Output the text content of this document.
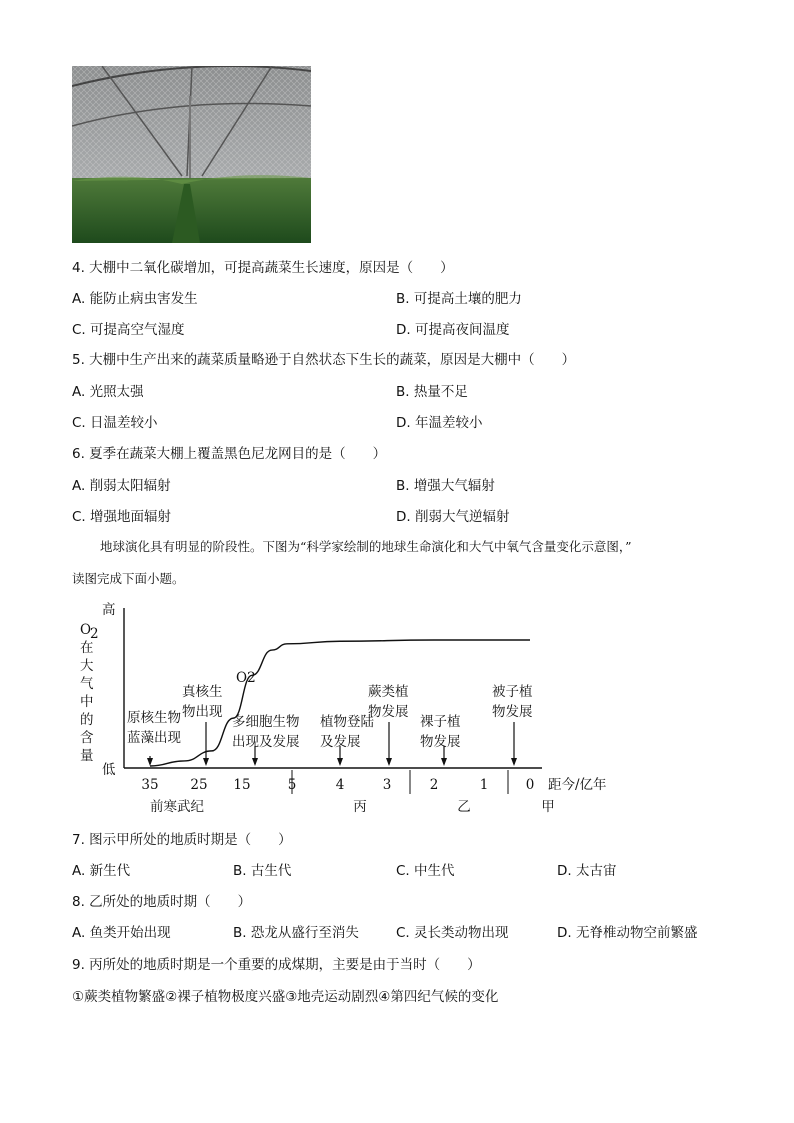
4. 大棚中二氧化碳增加，可提高蔬菜生长速度，原因是（　　）
A. 能防止病虫害发生	B. 可提高土壤的肥力
C. 可提高空气湿度	D. 可提高夜间温度
5. 大棚中生产出来的蔬菜质量略逊于自然状态下生长的蔬菜，原因是大棚中（　　）
A. 光照太强	B. 热量不足
C. 日温差较小	D. 年温差较小
6. 夏季在蔬菜大棚上覆盖黑色尼龙网目的是（　　）
A. 削弱太阳辐射	B. 增强大气辐射
C. 增强地面辐射	D. 削弱大气逆辐射
地球演化具有明显的阶段性。下图为“科学家绘制的地球生命演化和大气中氧气含量变化示意图，”
读图完成下面小题。
高
低
距今/亿年
O2
O
在
大
气
中
的
含
量
2
35 25 15	5	4	3	2	1	0
原核生物
蓝藻出现
真核生
物出现
多细胞生物
出现及发展
植物登陆
及发展
蕨类植
物发展
裸子植
物发展
被子植
物发展
前寒武纪	丙	乙	甲
7. 图示甲所处的地质时期是（　　）
A. 新生代	B. 古生代	C. 中生代	D. 太古宙
8. 乙所处的地质时期（　　）
A. 鱼类开始出现	B. 恐龙从盛行至消失	C. 灵长类动物出现	D. 无脊椎动物空前繁盛
9. 丙所处的地质时期是一个重要的成煤期，主要是由于当时（　　）
①蕨类植物繁盛②裸子植物极度兴盛③地壳运动剧烈④第四纪气候的变化
